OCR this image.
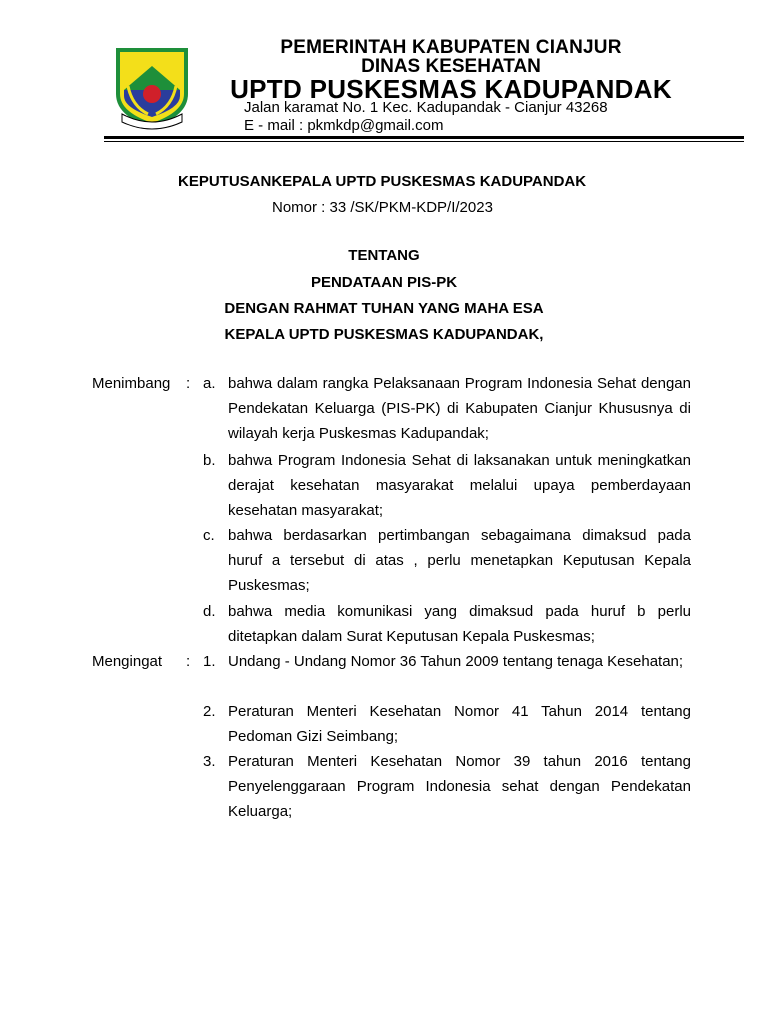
PEMERINTAH KABUPATEN CIANJUR
DINAS KESEHATAN
UPTD PUSKESMAS KADUPANDAK
Jalan karamat No. 1 Kec. Kadupandak - Cianjur 43268
E - mail : pkmkdp@gmail.com
KEPUTUSANKEPALA UPTD PUSKESMAS KADUPANDAK
Nomor : 33 /SK/PKM-KDP/I/2023
TENTANG
PENDATAAN PIS-PK
DENGAN RAHMAT TUHAN YANG MAHA ESA
KEPALA UPTD PUSKESMAS KADUPANDAK,
Menimbang : a. bahwa dalam rangka Pelaksanaan Program Indonesia Sehat dengan Pendekatan Keluarga (PIS-PK) di Kabupaten Cianjur Khususnya di wilayah kerja Puskesmas Kadupandak;
b. bahwa Program Indonesia Sehat di laksanakan untuk meningkatkan derajat kesehatan masyarakat melalui upaya pemberdayaan kesehatan masyarakat;
c. bahwa berdasarkan pertimbangan sebagaimana dimaksud pada huruf a tersebut di atas , perlu menetapkan Keputusan Kepala Puskesmas;
d. bahwa media komunikasi yang dimaksud pada huruf b perlu ditetapkan dalam Surat Keputusan Kepala Puskesmas;
Mengingat : 1. Undang - Undang Nomor 36 Tahun 2009 tentang tenaga Kesehatan;
2. Peraturan Menteri Kesehatan Nomor 41 Tahun 2014 tentang Pedoman Gizi Seimbang;
3. Peraturan Menteri Kesehatan Nomor 39 tahun 2016 tentang Penyelenggaraan Program Indonesia sehat dengan Pendekatan Keluarga;
